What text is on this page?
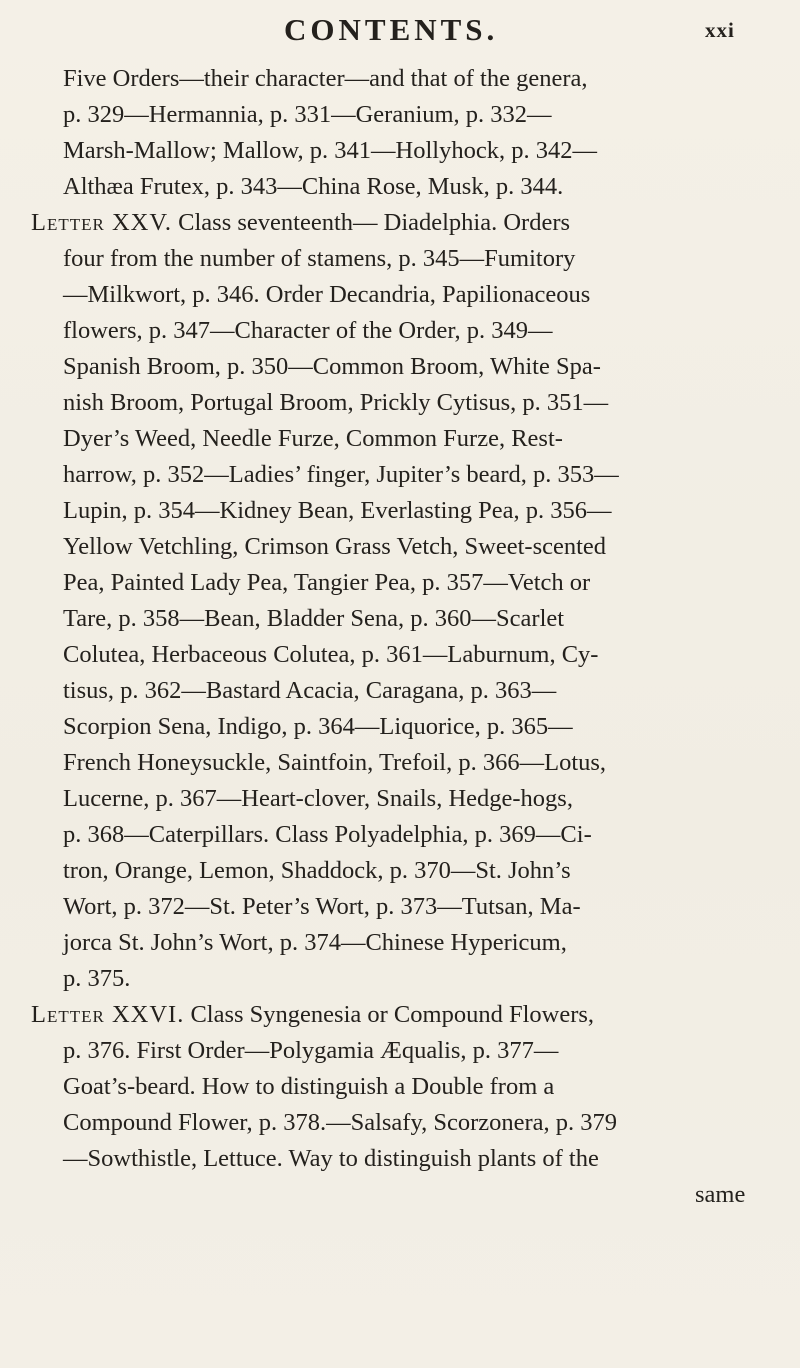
CONTENTS.	xxi
Five Orders—their character—and that of the genera,
p. 329—Hermannia, p. 331—Geranium, p. 332—
Marsh-Mallow; Mallow, p. 341—Hollyhock, p. 342—
Althæa Frutex, p. 343—China Rose, Musk, p. 344.
Letter XXV. Class seventeenth— Diadelphia. Orders
four from the number of stamens, p. 345—Fumitory
—Milkwort, p. 346. Order Decandria, Papilionaceous
flowers, p. 347—Character of the Order, p. 349—
Spanish Broom, p. 350—Common Broom, White Spa-
nish Broom, Portugal Broom, Prickly Cytisus, p. 351—
Dyer’s Weed, Needle Furze, Common Furze, Rest-
harrow, p. 352—Ladies’ finger, Jupiter’s beard, p. 353—
Lupin, p. 354—Kidney Bean, Everlasting Pea, p. 356—
Yellow Vetchling, Crimson Grass Vetch, Sweet-scented
Pea, Painted Lady Pea, Tangier Pea, p. 357—Vetch or
Tare, p. 358—Bean, Bladder Sena, p. 360—Scarlet
Colutea, Herbaceous Colutea, p. 361—Laburnum, Cy-
tisus, p. 362—Bastard Acacia, Caragana, p. 363—
Scorpion Sena, Indigo, p. 364—Liquorice, p. 365—
French Honeysuckle, Saintfoin, Trefoil, p. 366—Lotus,
Lucerne, p. 367—Heart-clover, Snails, Hedge-hogs,
p. 368—Caterpillars. Class Polyadelphia, p. 369—Ci-
tron, Orange, Lemon, Shaddock, p. 370—St. John’s
Wort, p. 372—St. Peter’s Wort, p. 373—Tutsan, Ma-
jorca St. John’s Wort, p. 374—Chinese Hypericum,
p. 375.
Letter XXVI. Class Syngenesia or Compound Flowers,
p. 376. First Order—Polygamia Æqualis, p. 377—
Goat’s-beard. How to distinguish a Double from a
Compound Flower, p. 378.—Salsafy, Scorzonera, p. 379
—Sowthistle, Lettuce. Way to distinguish plants of the
same
